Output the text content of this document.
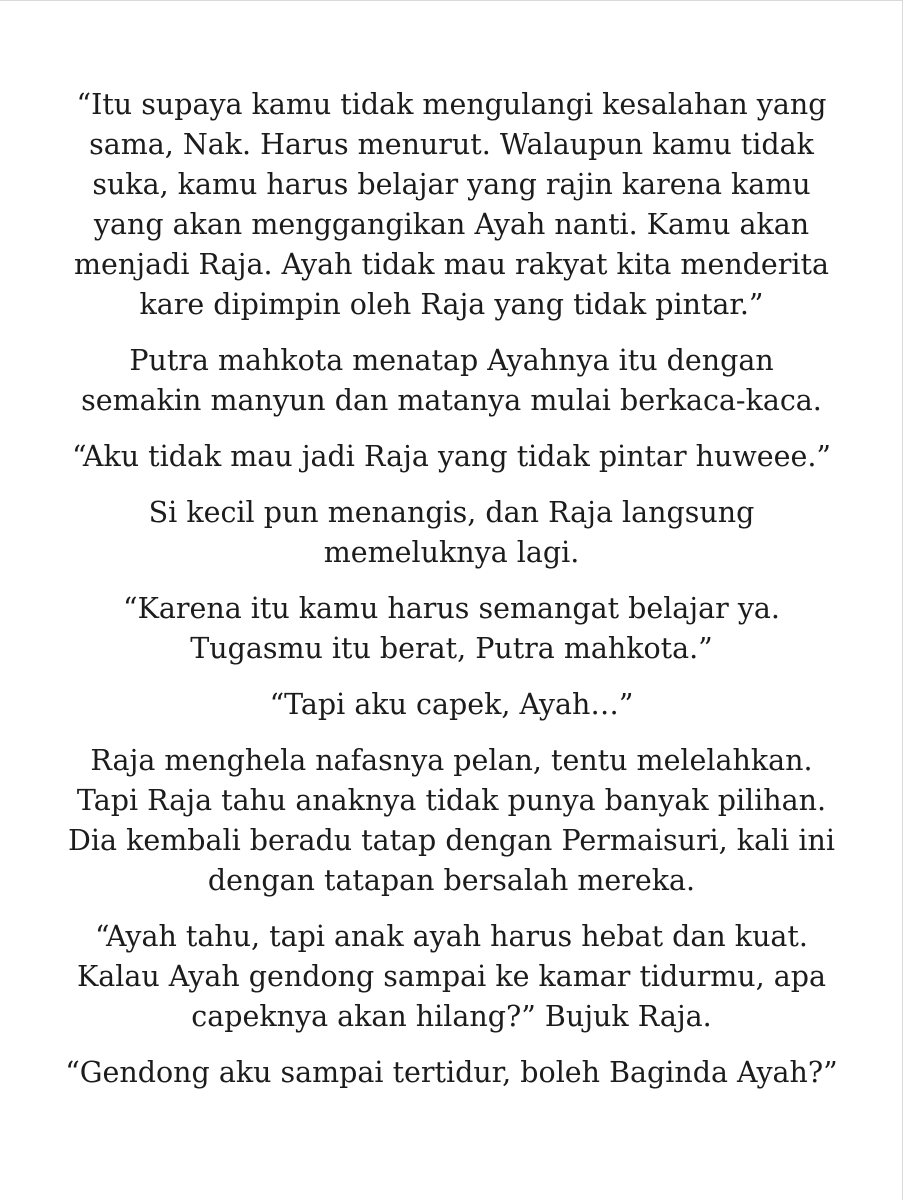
“Itu supaya kamu tidak mengulangi kesalahan yang
sama, Nak. Harus menurut. Walaupun kamu tidak
suka, kamu harus belajar yang rajin karena kamu
yang akan menggangikan Ayah nanti. Kamu akan
menjadi Raja. Ayah tidak mau rakyat kita menderita
kare dipimpin oleh Raja yang tidak pintar.”

Putra mahkota menatap Ayahnya itu dengan
semakin manyun dan matanya mulai berkaca-kaca.

“Aku tidak mau jadi Raja yang tidak pintar huweee.”

Si kecil pun menangis, dan Raja langsung
memeluknya lagi.

“Karena itu kamu harus semangat belajar ya.
Tugasmu itu berat, Putra mahkota.”

“Tapi aku capek, Ayah…”

Raja menghela nafasnya pelan, tentu melelahkan.
Tapi Raja tahu anaknya tidak punya banyak pilihan.
Dia kembali beradu tatap dengan Permaisuri, kali ini
dengan tatapan bersalah mereka.

“Ayah tahu, tapi anak ayah harus hebat dan kuat.
Kalau Ayah gendong sampai ke kamar tidurmu, apa
capeknya akan hilang?” Bujuk Raja.

“Gendong aku sampai tertidur, boleh Baginda Ayah?”
